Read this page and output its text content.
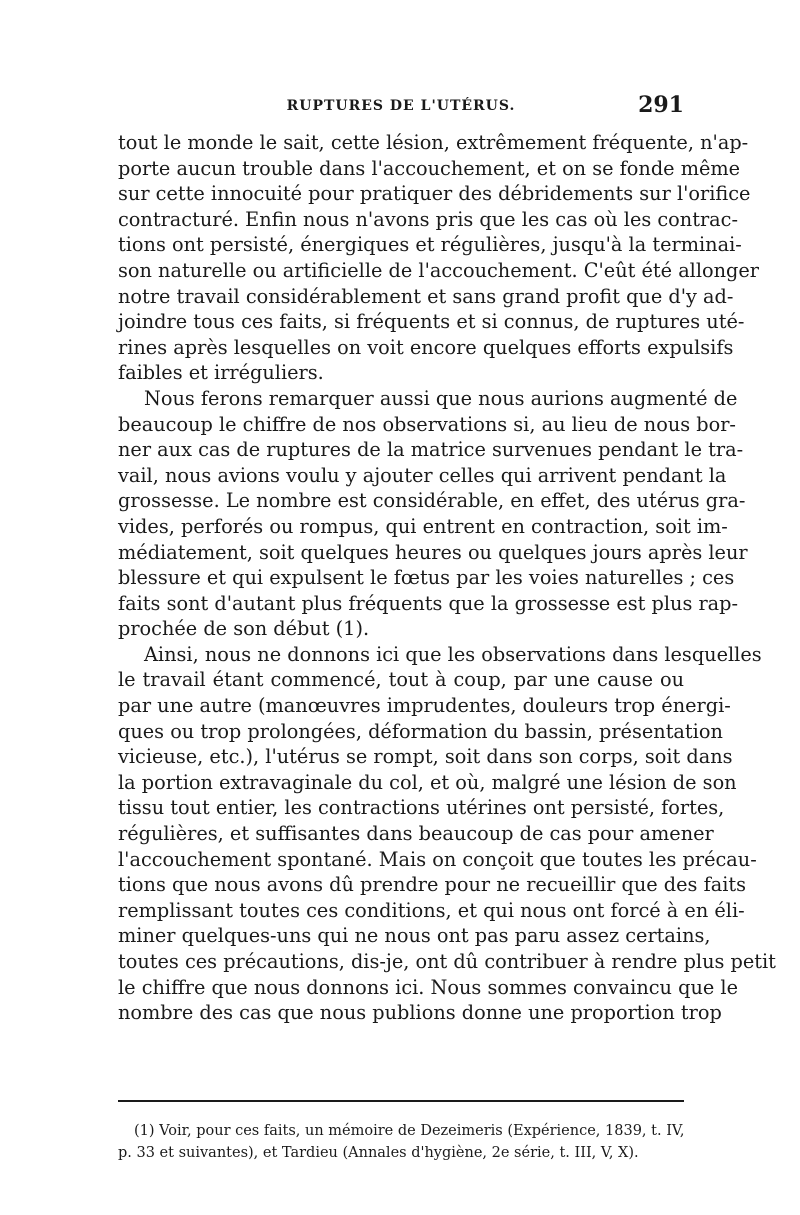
RUPTURES DE L'UTÉRUS.	291
tout le monde le sait, cette lésion, extrêmement fréquente, n'ap-
porte aucun trouble dans l'accouchement, et on se fonde même
sur cette innocuité pour pratiquer des débridements sur l'orifice
contracturé. Enfin nous n'avons pris que les cas où les contrac-
tions ont persisté, énergiques et régulières, jusqu'à la terminai-
son naturelle ou artificielle de l'accouchement. C'eût été allonger
notre travail considérablement et sans grand profit que d'y ad-
joindre tous ces faits, si fréquents et si connus, de ruptures uté-
rines après lesquelles on voit encore quelques efforts expulsifs
faibles et irréguliers.
Nous ferons remarquer aussi que nous aurions augmenté de
beaucoup le chiffre de nos observations si, au lieu de nous bor-
ner aux cas de ruptures de la matrice survenues pendant le tra-
vail, nous avions voulu y ajouter celles qui arrivent pendant la
grossesse. Le nombre est considérable, en effet, des utérus gra-
vides, perforés ou rompus, qui entrent en contraction, soit im-
médiatement, soit quelques heures ou quelques jours après leur
blessure et qui expulsent le fœtus par les voies naturelles ; ces
faits sont d'autant plus fréquents que la grossesse est plus rap-
prochée de son début (1).
Ainsi, nous ne donnons ici que les observations dans lesquelles
le travail étant commencé, tout à coup, par une cause ou
par une autre (manœuvres imprudentes, douleurs trop énergi-
ques ou trop prolongées, déformation du bassin, présentation
vicieuse, etc.), l'utérus se rompt, soit dans son corps, soit dans
la portion extravaginale du col, et où, malgré une lésion de son
tissu tout entier, les contractions utérines ont persisté, fortes,
régulières, et suffisantes dans beaucoup de cas pour amener
l'accouchement spontané. Mais on conçoit que toutes les précau-
tions que nous avons dû prendre pour ne recueillir que des faits
remplissant toutes ces conditions, et qui nous ont forcé à en éli-
miner quelques-uns qui ne nous ont pas paru assez certains,
toutes ces précautions, dis-je, ont dû contribuer à rendre plus petit
le chiffre que nous donnons ici. Nous sommes convaincu que le
nombre des cas que nous publions donne une proportion trop
(1) Voir, pour ces faits, un mémoire de Dezeimeris (Expérience, 1839, t. IV,
p. 33 et suivantes), et Tardieu (Annales d'hygiène, 2e série, t. III, V, X).
